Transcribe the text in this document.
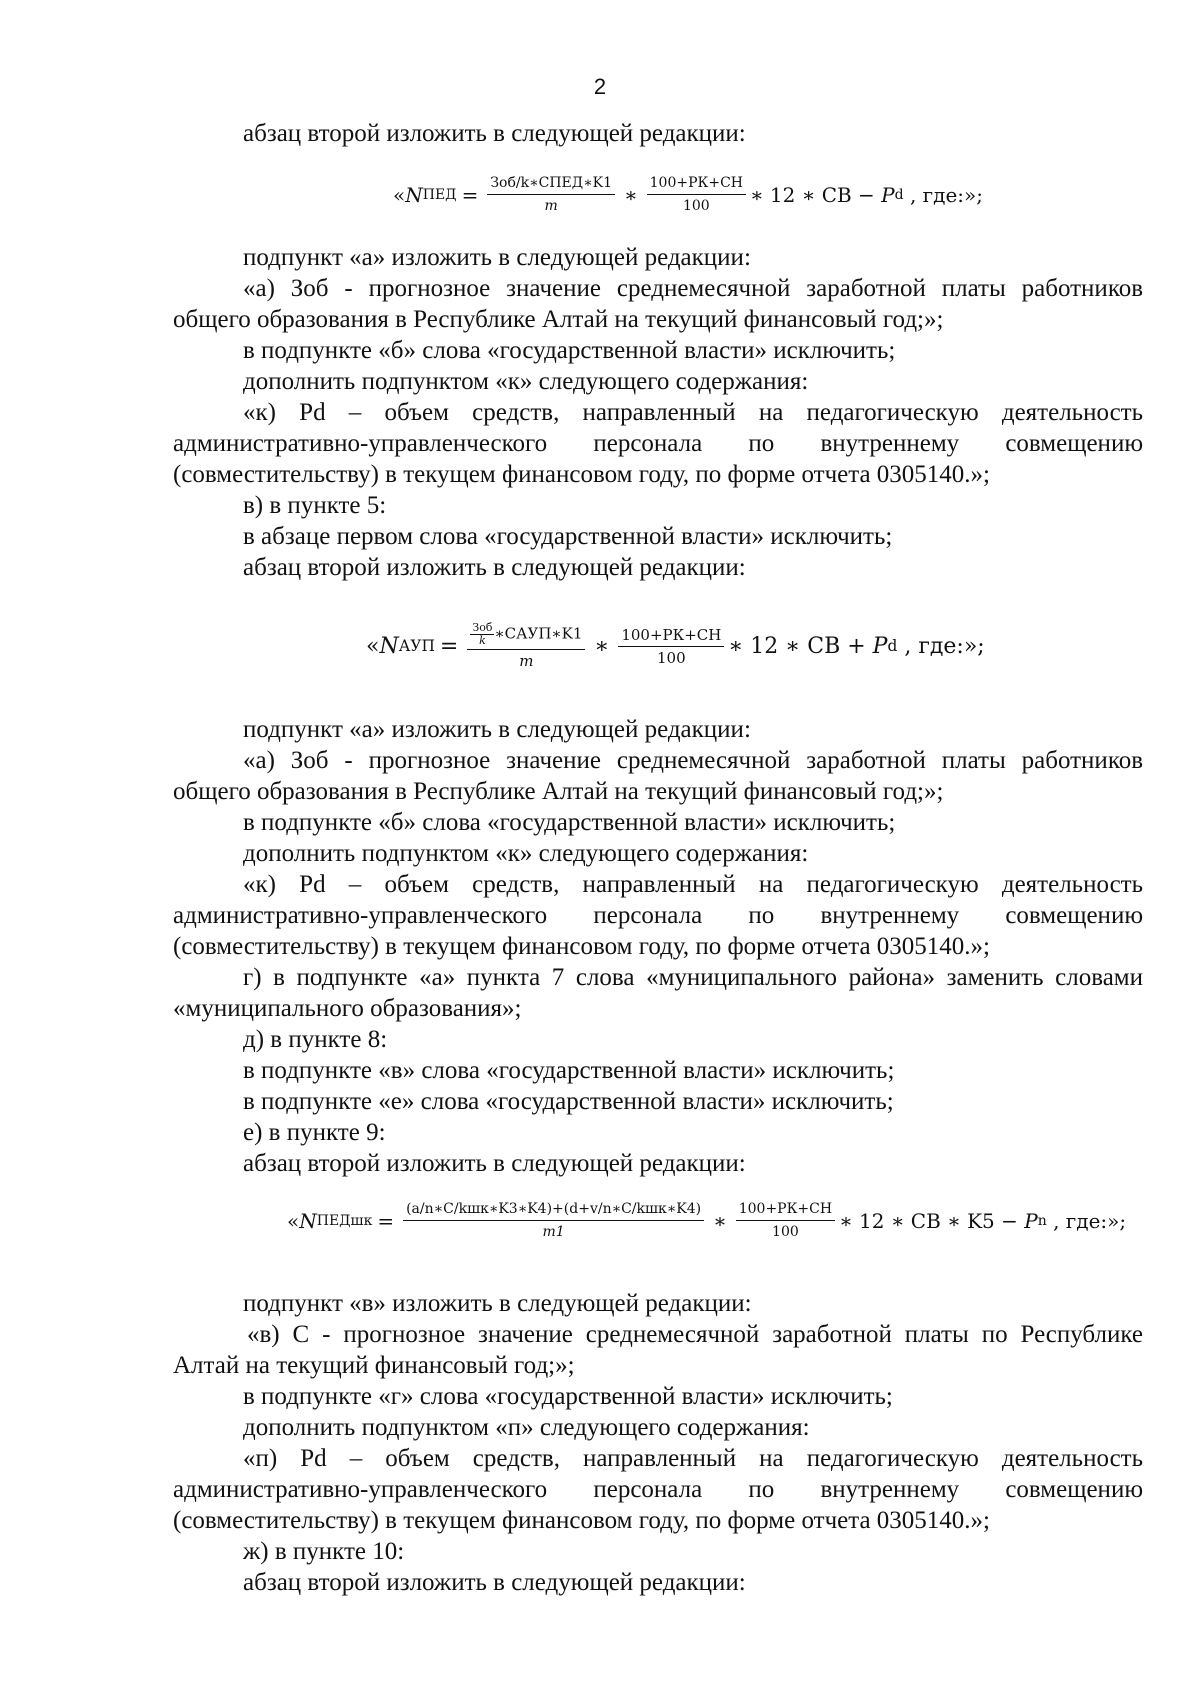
2

абзац второй изложить в следующей редакции:

« N ПЕД = $\frac{\text{Зоб/k∗CПЕД∗K1}}{m}$ ∗ $\frac{100+РК+СН}{100}$ ∗ 12 ∗ СВ − P d , где:»;

подпункт «а» изложить в следующей редакции:

«а) Зоб - прогнозное значение среднемесячной заработной платы работников общего образования в Республике Алтай на текущий финансовый год;»;

в подпункте «б» слова «государственной власти» исключить;

дополнить подпунктом «к» следующего содержания:

«к) Pd – объем средств, направленный на педагогическую деятельность административно-управленческого персонала по внутреннему совмещению (совместительству) в текущем финансовом году, по форме отчета 0305140.»;

в) в пункте 5:

в абзаце первом слова «государственной власти» исключить;

абзац второй изложить в следующей редакции:

« N АУП = $\frac{\frac{\text{Зоб}}{k} ∗CАУП∗K1}{m}$ ∗ $\frac{100+РК+СН}{100}$ ∗ 12 ∗ СВ + P d , где:»;

подпункт «а» изложить в следующей редакции:

«а) Зоб - прогнозное значение среднемесячной заработной платы работников общего образования в Республике Алтай на текущий финансовый год;»;

в подпункте «б» слова «государственной власти» исключить;

дополнить подпунктом «к» следующего содержания:

«к) Pd – объем средств, направленный на педагогическую деятельность административно-управленческого персонала по внутреннему совмещению (совместительству) в текущем финансовом году, по форме отчета 0305140.»;

г) в подпункте «а» пункта 7 слова «муниципального района» заменить словами «муниципального образования»;

д) в пункте 8:

в подпункте «в» слова «государственной власти» исключить;

в подпункте «е» слова «государственной власти» исключить;

е) в пункте 9:

абзац второй изложить в следующей редакции:

« N ПЕДшк = $\frac{\text{(a/n∗C/kшк∗K3∗K4)+(d+v/n∗C/kшк∗K4)}}{m1}$ ∗ $\frac{100+РК+СН}{100}$ ∗ 12 ∗ СВ ∗ K5 − P n , где:»;

подпункт «в» изложить в следующей редакции:

«в) С - прогнозное значение среднемесячной заработной платы по Республике Алтай на текущий финансовый год;»;

в подпункте «г» слова «государственной власти» исключить;

дополнить подпунктом «п» следующего содержания:

«п) Pd – объем средств, направленный на педагогическую деятельность административно-управленческого персонала по внутреннему совмещению (совместительству) в текущем финансовом году, по форме отчета 0305140.»;

ж) в пункте 10:

абзац второй изложить в следующей редакции:
